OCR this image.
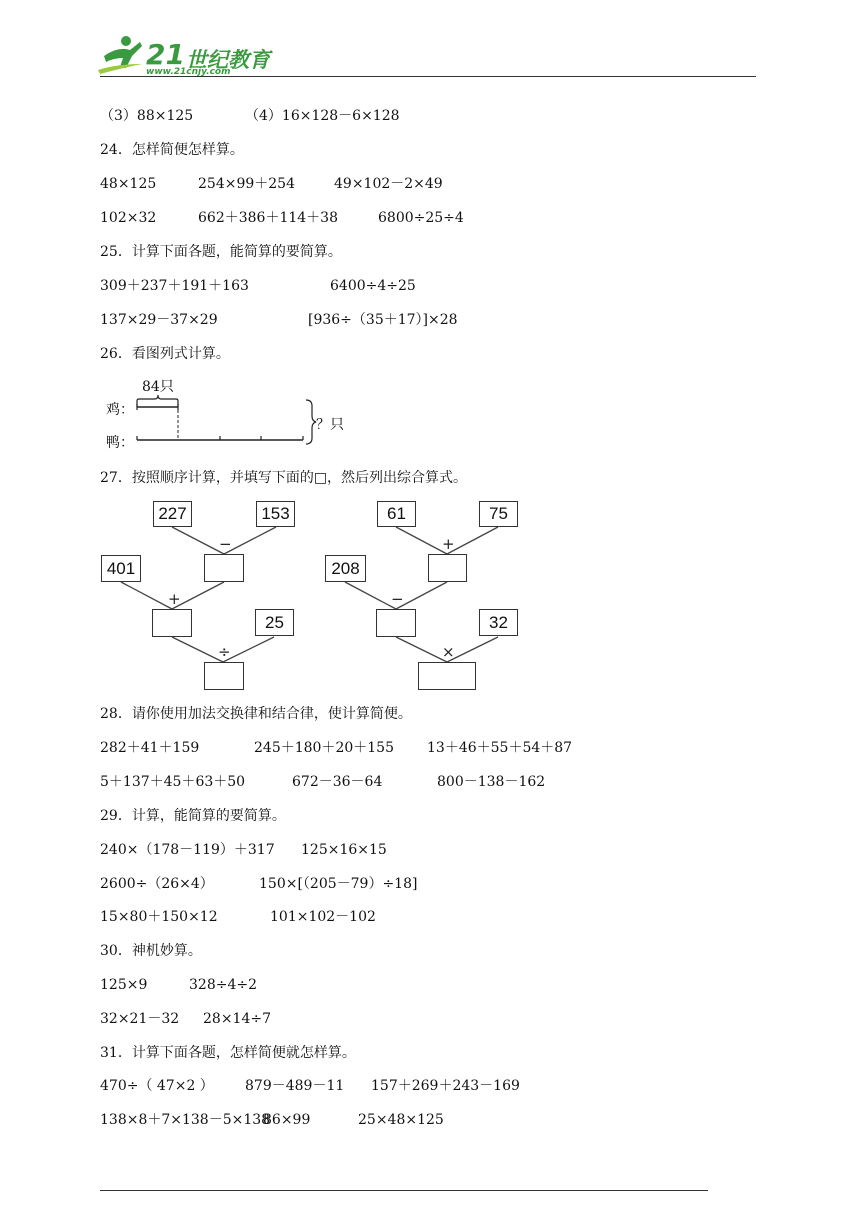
21 世纪教育
www.21cnjy.com
（3）88×125	（4）16×128－6×128
24．怎样简便怎样算。
48×125	254×99＋254	49×102－2×49
102×32	662＋386＋114＋38	6800÷25÷4
25．计算下面各题，能简算的要简算。
309＋237＋191＋163	6400÷4÷25
137×29－37×29	[936÷（35＋17）]×28
26．看图列式计算。
84只
鸡：
鸭：
？只
27．按照顺序计算，并填写下面的□，然后列出综合算式。
227	153
−
401
+
25
÷
61	75
+
208
−
32
×
28．请你使用加法交换律和结合律，使计算简便。
282＋41＋159	245＋180＋20＋155 13＋46＋55＋54＋87
5＋137＋45＋63＋50	672－36－64	800－138－162
29．计算，能简算的要简算。
240×（178－119）＋317 125×16×15
2600÷（26×4）	150×[（205－79）÷18]
15×80＋150×12	101×102－102
30．神机妙算。
125×9	328÷4÷2
32×21－32 28×14÷7
31．计算下面各题，怎样简便就怎样算。
470÷（ 47×2 ） 879－489－11 157＋269＋243－169
138×8＋7×138－5×138
86×99	25×48×125
